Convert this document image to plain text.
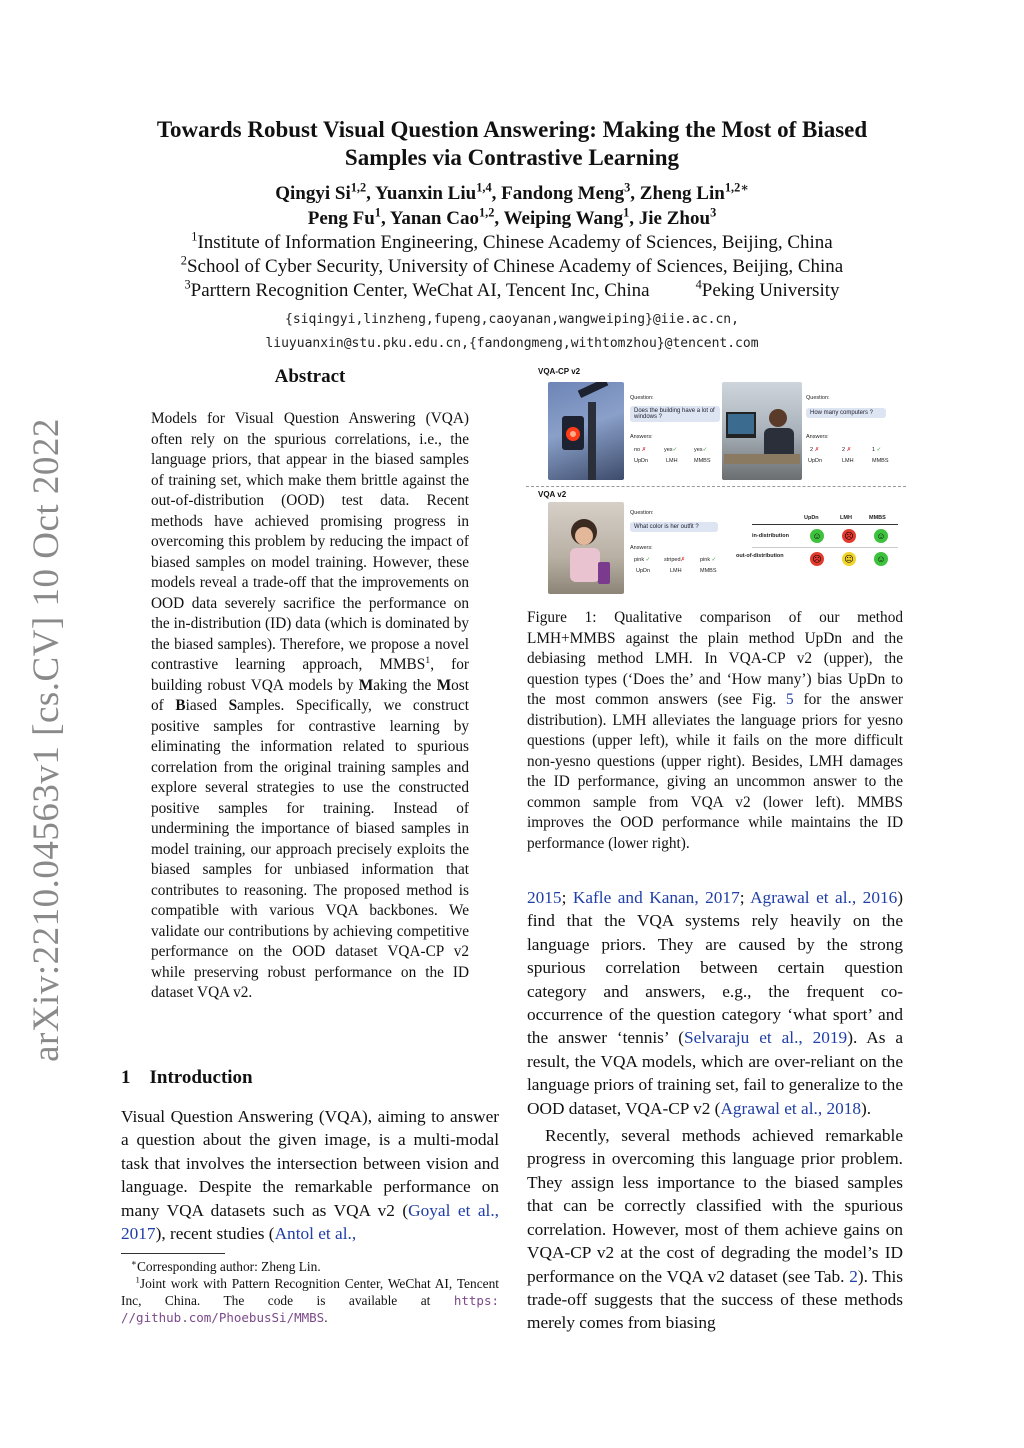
arXiv:2210.04563v1 [cs.CV] 10 Oct 2022
Towards Robust Visual Question Answering: Making the Most of Biased
Samples via Contrastive Learning
Qingyi Si$^{1,2}$, Yuanxin Liu$^{1,4}$, Fandong Meng$^3$, Zheng Lin$^{1,2∗}$
Peng Fu$^1$, Yanan Cao$^{1,2}$, Weiping Wang$^1$, Jie Zhou$^3$
$^1$Institute of Information Engineering, Chinese Academy of Sciences, Beijing, China
$^2$School of Cyber Security, University of Chinese Academy of Sciences, Beijing, China
$^3$Parttern Recognition Center, WeChat AI, Tencent Inc, China	$^4$Peking University
{siqingyi,linzheng,fupeng,caoyanan,wangweiping}@iie.ac.cn,
liuyuanxin@stu.pku.edu.cn,{fandongmeng,withtomzhou}@tencent.com
Abstract
Models for Visual Question Answering (VQA) often rely on the spurious correlations, i.e., the language priors, that appear in the biased samples of training set, which make them brittle against the out-of-distribution (OOD) test data. Recent methods have achieved promising progress in overcoming this problem by reducing the impact of biased samples on model training. However, these models reveal a trade-off that the improvements on OOD data severely sacrifice the performance on the in-distribution (ID) data (which is dominated by the biased samples). Therefore, we propose a novel contrastive learning approach, MMBS$^1$, for building robust VQA models by Making the Most of Biased Samples. Specifically, we construct positive samples for contrastive learning by eliminating the information related to spurious correlation from the original training samples and explore several strategies to use the constructed positive samples for training. Instead of undermining the importance of biased samples in model training, our approach precisely exploits the biased samples for unbiased information that contributes to reasoning. The proposed method is compatible with various VQA backbones. We validate our contributions by achieving competitive performance on the OOD dataset VQA-CP v2 while preserving robust performance on the ID dataset VQA v2.
1 Introduction
Visual Question Answering (VQA), aiming to answer a question about the given image, is a multi-modal task that involves the intersection between vision and language. Despite the remarkable performance on many VQA datasets such as VQA v2 (Goyal et al., 2017), recent studies (Antol et al.,
∗Corresponding author: Zheng Lin.
$^1$Joint work with Pattern Recognition Center, WeChat AI, Tencent Inc, China. The code is available at https: //github.com/PhoebusSi/MMBS.
VQA-CP v2
Question:
Does the building have a lot of windows ?
Answers:
no ✗	yes✓	yes✓
UpDn	LMH	MMBS
Question:
How many computers ?
Answers:
2 ✗	2 ✗	1 ✓
UpDn	LMH	MMBS
VQA v2
Question:
What color is her outfit ?
Answers:
pink ✓	striped✗	pink ✓
UpDn	LMH	MMBS
UpDn	LMH	MMBS
in-distribution	☺	☹	☺
out-of-distribution	☹	😐	☺
Figure 1: Qualitative comparison of our method LMH+MMBS against the plain method UpDn and the debiasing method LMH. In VQA-CP v2 (upper), the question types (‘Does the’ and ‘How many’) bias UpDn to the most common answers (see Fig. 5 for the answer distribution). LMH alleviates the language priors for yesno questions (upper left), while it fails on the more difficult non-yesno questions (upper right). Besides, LMH damages the ID performance, giving an uncommon answer to the common sample from VQA v2 (lower left). MMBS improves the OOD performance while maintains the ID performance (lower right).

2015; Kafle and Kanan, 2017; Agrawal et al., 2016) find that the VQA systems rely heavily on the language priors. They are caused by the strong spurious correlation between certain question category and answers, e.g., the frequent co-occurrence of the question category ‘what sport’ and the answer ‘tennis’ (Selvaraju et al., 2019). As a result, the VQA models, which are over-reliant on the language priors of training set, fail to generalize to the OOD dataset, VQA-CP v2 (Agrawal et al., 2018).

Recently, several methods achieved remarkable progress in overcoming this language prior problem. They assign less importance to the biased samples that can be correctly classified with the spurious correlation. However, most of them achieve gains on VQA-CP v2 at the cost of degrading the model’s ID performance on the VQA v2 dataset (see Tab. 2). This trade-off suggests that the success of these methods merely comes from biasing
